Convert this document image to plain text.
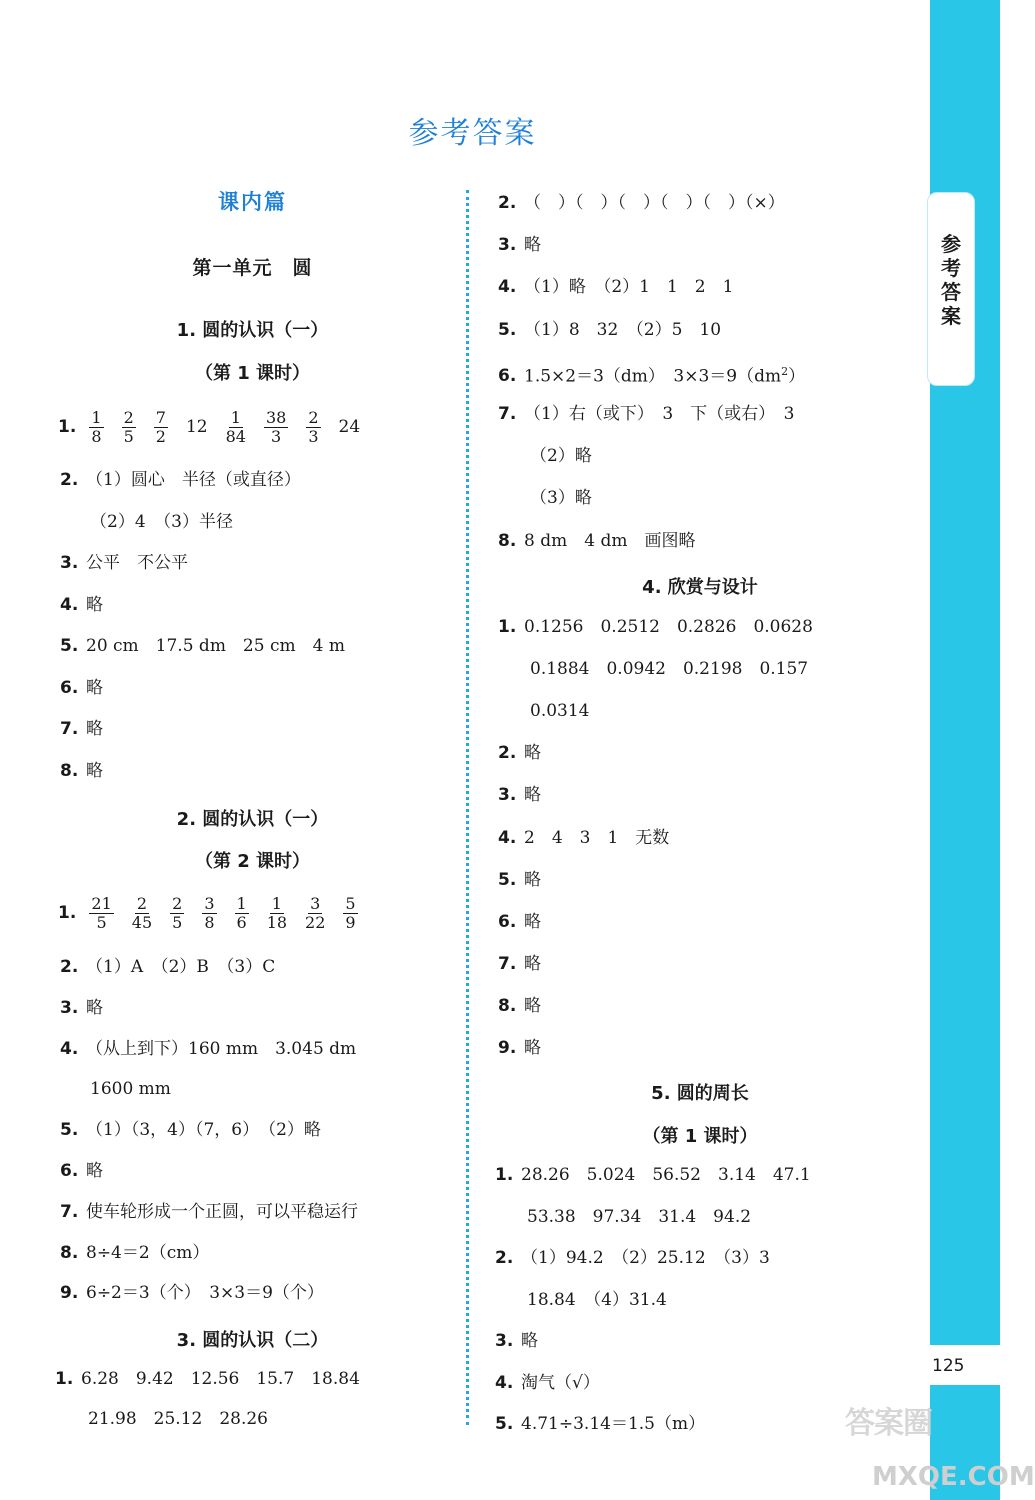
参考答案
125
参考答案
课内篇
第一单元　圆
1. 圆的认识（一）
（第 1 课时）
1. $\frac{1}{8} \frac{2}{5} \frac{7}{2} 12 \frac{1}{84} \frac{38}{3} \frac{2}{3} 24$
2. （1）圆心　半径（或直径）
（2）4　（3）半径
3. 公平　不公平
4. 略
5. 20 cm　17.5 dm　25 cm　4 m
6. 略
7. 略
8. 略
2. 圆的认识（一）
（第 2 课时）
1. $\frac{21}{5} \frac{2}{45} \frac{2}{5} \frac{3}{8} \frac{1}{6} \frac{1}{18} \frac{3}{22} \frac{5}{9}$
2. （1）A　（2）B　（3）C
3. 略
4. （从上到下）160 mm　3.045 dm
1600 mm
5. （1）（3，4）（7，6）　（2）略
6. 略
7. 使车轮形成一个正圆，可以平稳运行
8. 8÷4＝2（cm）
9. 6÷2＝3（个）　3×3＝9（个）
3. 圆的认识（二）
1. 6.28　9.42　12.56　15.7　18.84
21.98　25.12　28.26
2. （　）（　）（　）（　）（　）（×）
3. 略
4. （1）略　（2）1　1　2　1
5. （1）8　32　（2）5　10
6. 1.5×2＝3（dm）　$3\times 3=9(dm^2)$
7. （1）右（或下）　3　下（或右）　3
（2）略
（3）略
8. 8 dm　4 dm　画图略
4. 欣赏与设计
1. 0.1256　0.2512　0.2826　0.0628
0.1884　0.0942　0.2198　0.157
0.0314
2. 略
3. 略
4. 2　4　3　1　无数
5. 略
6. 略
7. 略
8. 略
9. 略
5. 圆的周长
（第 1 课时）
1. 28.26　5.024　56.52　3.14　47.1
53.38　97.34　31.4　94.2
2. （1）94.2　（2）25.12　（3）3
18.84　（4）31.4
3. 略
4. 淘气（√）
5. 4.71÷3.14＝1.5（m）	答案圈
MXQE.COM
